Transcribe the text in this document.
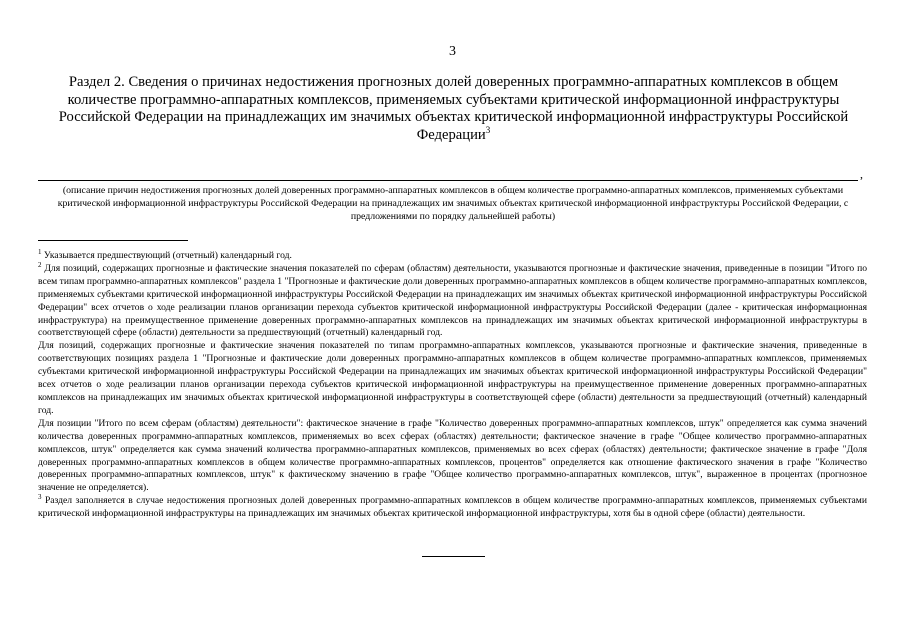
3
Раздел 2. Сведения о причинах недостижения прогнозных долей доверенных программно-аппаратных комплексов в общем количестве программно-аппаратных комплексов, применяемых субъектами критической информационной инфраструктуры Российской Федерации на принадлежащих им значимых объектах критической информационной инфраструктуры Российской Федерации$^3$
,
(описание причин недостижения прогнозных долей доверенных программно-аппаратных комплексов в общем количестве программно-аппаратных комплексов, применяемых субъектами критической информационной инфраструктуры Российской Федерации на принадлежащих им значимых объектах критической информационной инфраструктуры Российской Федерации, с предложениями по порядку дальнейшей работы)

$^1$ Указывается предшествующий (отчетный) календарный год.

$^2$ Для позиций, содержащих прогнозные и фактические значения показателей по сферам (областям) деятельности, указываются прогнозные и фактические значения, приведенные в позиции "Итого по всем типам программно-аппаратных комплексов" раздела 1 "Прогнозные и фактические доли доверенных программно-аппаратных комплексов в общем количестве программно-аппаратных комплексов, применяемых субъектами критической информационной инфраструктуры Российской Федерации на принадлежащих им значимых объектах критической информационной инфраструктуры Российской Федерации" всех отчетов о ходе реализации планов организации перехода субъектов критической информационной инфраструктуры Российской Федерации (далее - критическая информационная инфраструктура) на преимущественное применение доверенных программно-аппаратных комплексов на принадлежащих им значимых объектах критической информационной инфраструктуры в соответствующей сфере (области) деятельности за предшествующий (отчетный) календарный год.

Для позиций, содержащих прогнозные и фактические значения показателей по типам программно-аппаратных комплексов, указываются прогнозные и фактические значения, приведенные в соответствующих позициях раздела 1 "Прогнозные и фактические доли доверенных программно-аппаратных комплексов в общем количестве программно-аппаратных комплексов, применяемых субъектами критической информационной инфраструктуры Российской Федерации на принадлежащих им значимых объектах критической информационной инфраструктуры Российской Федерации" всех отчетов о ходе реализации планов организации перехода субъектов критической информационной инфраструктуры на преимущественное применение доверенных программно-аппаратных комплексов на принадлежащих им значимых объектах критической информационной инфраструктуры в соответствующей сфере (области) деятельности за предшествующий (отчетный) календарный год.

Для позиции "Итого по всем сферам (областям) деятельности": фактическое значение в графе "Количество доверенных программно-аппаратных комплексов, штук" определяется как сумма значений количества доверенных программно-аппаратных комплексов, применяемых во всех сферах (областях) деятельности; фактическое значение в графе "Общее количество программно-аппаратных комплексов, штук" определяется как сумма значений количества программно-аппаратных комплексов, применяемых во всех сферах (областях) деятельности; фактическое значение в графе "Доля доверенных программно-аппаратных комплексов в общем количестве программно-аппаратных комплексов, процентов" определяется как отношение фактического значения в графе "Количество доверенных программно-аппаратных комплексов, штук" к фактическому значению в графе "Общее количество программно-аппаратных комплексов, штук", выраженное в процентах (прогнозное значение не определяется).

$^3$ Раздел заполняется в случае недостижения прогнозных долей доверенных программно-аппаратных комплексов в общем количестве программно-аппаратных комплексов, применяемых субъектами критической информационной инфраструктуры на принадлежащих им значимых объектах критической информационной инфраструктуры, хотя бы в одной сфере (области) деятельности.
